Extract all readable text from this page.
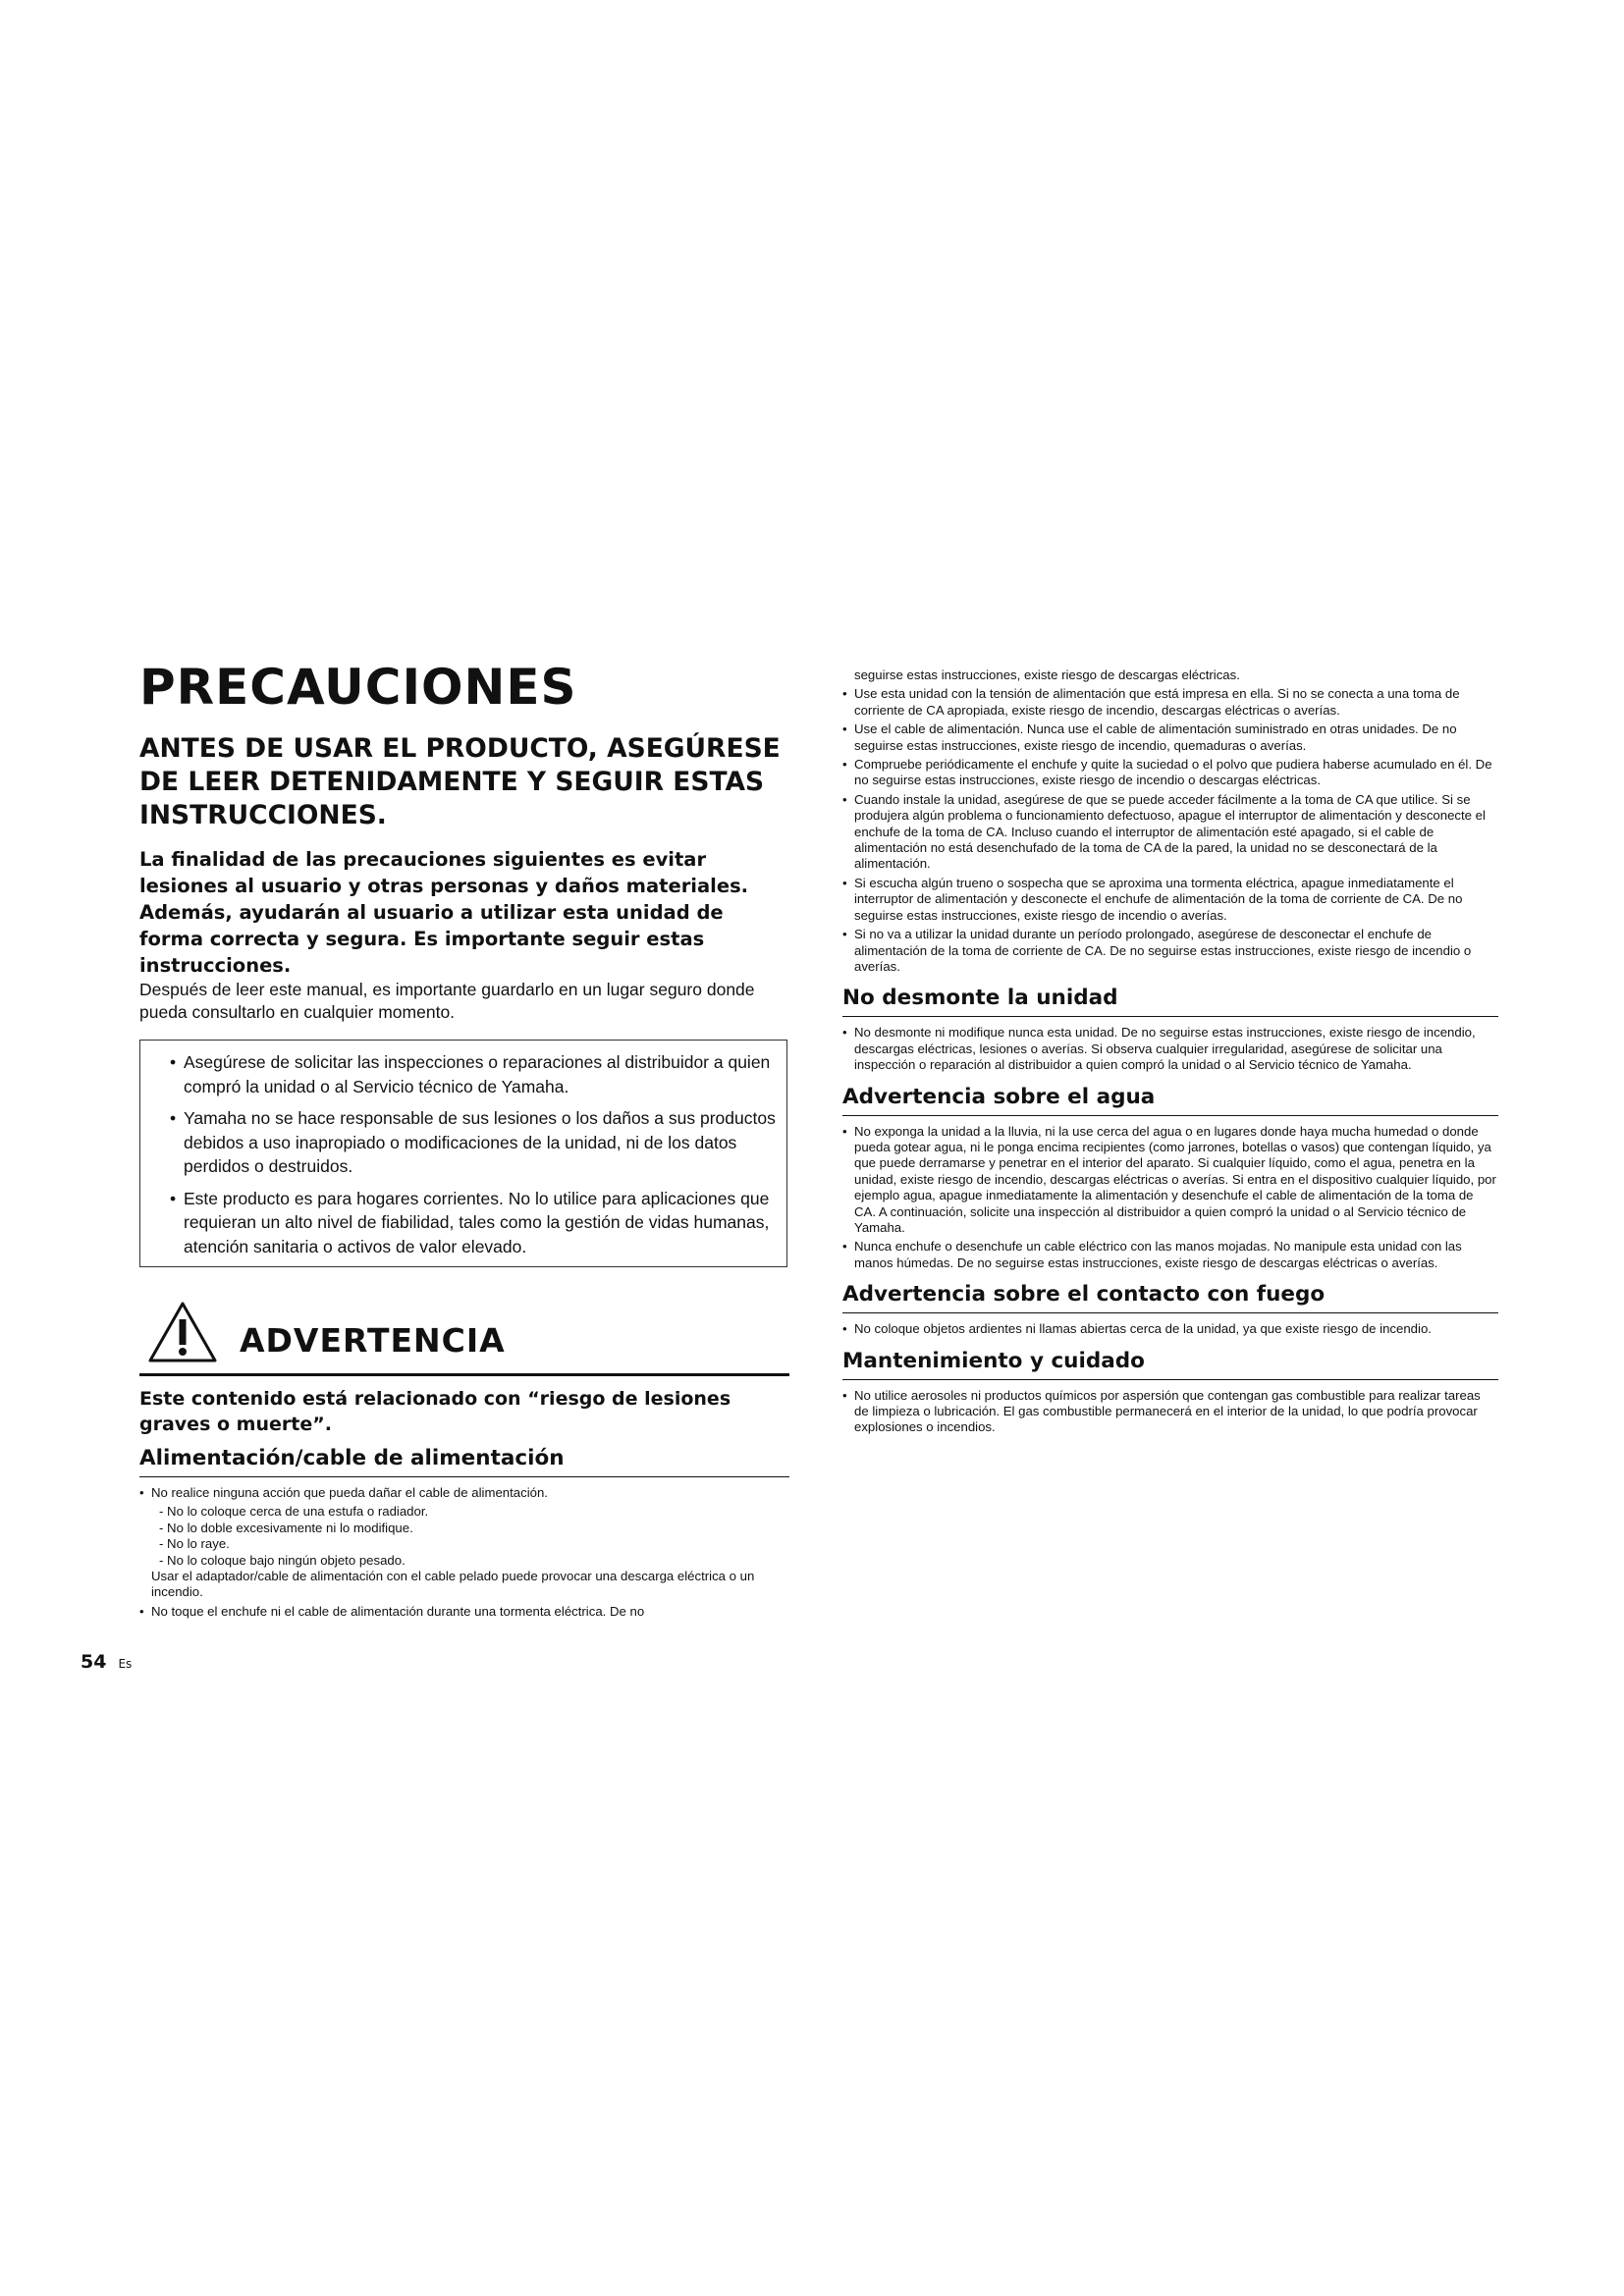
PRECAUCIONES
ANTES DE USAR EL PRODUCTO, ASEGÚRESE DE LEER DETENIDAMENTE Y SEGUIR ESTAS INSTRUCCIONES.

La finalidad de las precauciones siguientes es evitar lesiones al usuario y otras personas y daños materiales. Además, ayudarán al usuario a utilizar esta unidad de forma correcta y segura. Es importante seguir estas instrucciones.

Después de leer este manual, es importante guardarlo en un lugar seguro donde pueda consultarlo en cualquier momento.

• Asegúrese de solicitar las inspecciones o reparaciones al distribuidor a quien compró la unidad o al Servicio técnico de Yamaha.

• Yamaha no se hace responsable de sus lesiones o los daños a sus productos debidos a uso inapropiado o modificaciones de la unidad, ni de los datos perdidos o destruidos.

• Este producto es para hogares corrientes. No lo utilice para aplicaciones que requieran un alto nivel de fiabilidad, tales como la gestión de vidas humanas, atención sanitaria o activos de valor elevado.

ADVERTENCIA

Este contenido está relacionado con “riesgo de lesiones graves o muerte”.

Alimentación/cable de alimentación

• No realice ninguna acción que pueda dañar el cable de alimentación.

- No lo coloque cerca de una estufa o radiador.

- No lo doble excesivamente ni lo modifique.

- No lo raye.

- No lo coloque bajo ningún objeto pesado.

Usar el adaptador/cable de alimentación con el cable pelado puede provocar una descarga eléctrica o un incendio.

• No toque el enchufe ni el cable de alimentación durante una tormenta eléctrica. De no

seguirse estas instrucciones, existe riesgo de descargas eléctricas.

• Use esta unidad con la tensión de alimentación que está impresa en ella. Si no se conecta a una toma de corriente de CA apropiada, existe riesgo de incendio, descargas eléctricas o averías.

• Use el cable de alimentación. Nunca use el cable de alimentación suministrado en otras unidades. De no seguirse estas instrucciones, existe riesgo de incendio, quemaduras o averías.

• Compruebe periódicamente el enchufe y quite la suciedad o el polvo que pudiera haberse acumulado en él. De no seguirse estas instrucciones, existe riesgo de incendio o descargas eléctricas.

• Cuando instale la unidad, asegúrese de que se puede acceder fácilmente a la toma de CA que utilice. Si se produjera algún problema o funcionamiento defectuoso, apague el interruptor de alimentación y desconecte el enchufe de la toma de CA. Incluso cuando el interruptor de alimentación esté apagado, si el cable de alimentación no está desenchufado de la toma de CA de la pared, la unidad no se desconectará de la alimentación.

• Si escucha algún trueno o sospecha que se aproxima una tormenta eléctrica, apague inmediatamente el interruptor de alimentación y desconecte el enchufe de alimentación de la toma de corriente de CA. De no seguirse estas instrucciones, existe riesgo de incendio o averías.

• Si no va a utilizar la unidad durante un período prolongado, asegúrese de desconectar el enchufe de alimentación de la toma de corriente de CA. De no seguirse estas instrucciones, existe riesgo de incendio o averías.

No desmonte la unidad

• No desmonte ni modifique nunca esta unidad. De no seguirse estas instrucciones, existe riesgo de incendio, descargas eléctricas, lesiones o averías. Si observa cualquier irregularidad, asegúrese de solicitar una inspección o reparación al distribuidor a quien compró la unidad o al Servicio técnico de Yamaha.

Advertencia sobre el agua

• No exponga la unidad a la lluvia, ni la use cerca del agua o en lugares donde haya mucha humedad o donde pueda gotear agua, ni le ponga encima recipientes (como jarrones, botellas o vasos) que contengan líquido, ya que puede derramarse y penetrar en el interior del aparato. Si cualquier líquido, como el agua, penetra en la unidad, existe riesgo de incendio, descargas eléctricas o averías. Si entra en el dispositivo cualquier líquido, por ejemplo agua, apague inmediatamente la alimentación y desenchufe el cable de alimentación de la toma de CA. A continuación, solicite una inspección al distribuidor a quien compró la unidad o al Servicio técnico de Yamaha.

• Nunca enchufe o desenchufe un cable eléctrico con las manos mojadas. No manipule esta unidad con las manos húmedas. De no seguirse estas instrucciones, existe riesgo de descargas eléctricas o averías.

Advertencia sobre el contacto con fuego

• No coloque objetos ardientes ni llamas abiertas cerca de la unidad, ya que existe riesgo de incendio.

Mantenimiento y cuidado

• No utilice aerosoles ni productos químicos por aspersión que contengan gas combustible para realizar tareas de limpieza o lubricación. El gas combustible permanecerá en el interior de la unidad, lo que podría provocar explosiones o incendios.

54 Es
